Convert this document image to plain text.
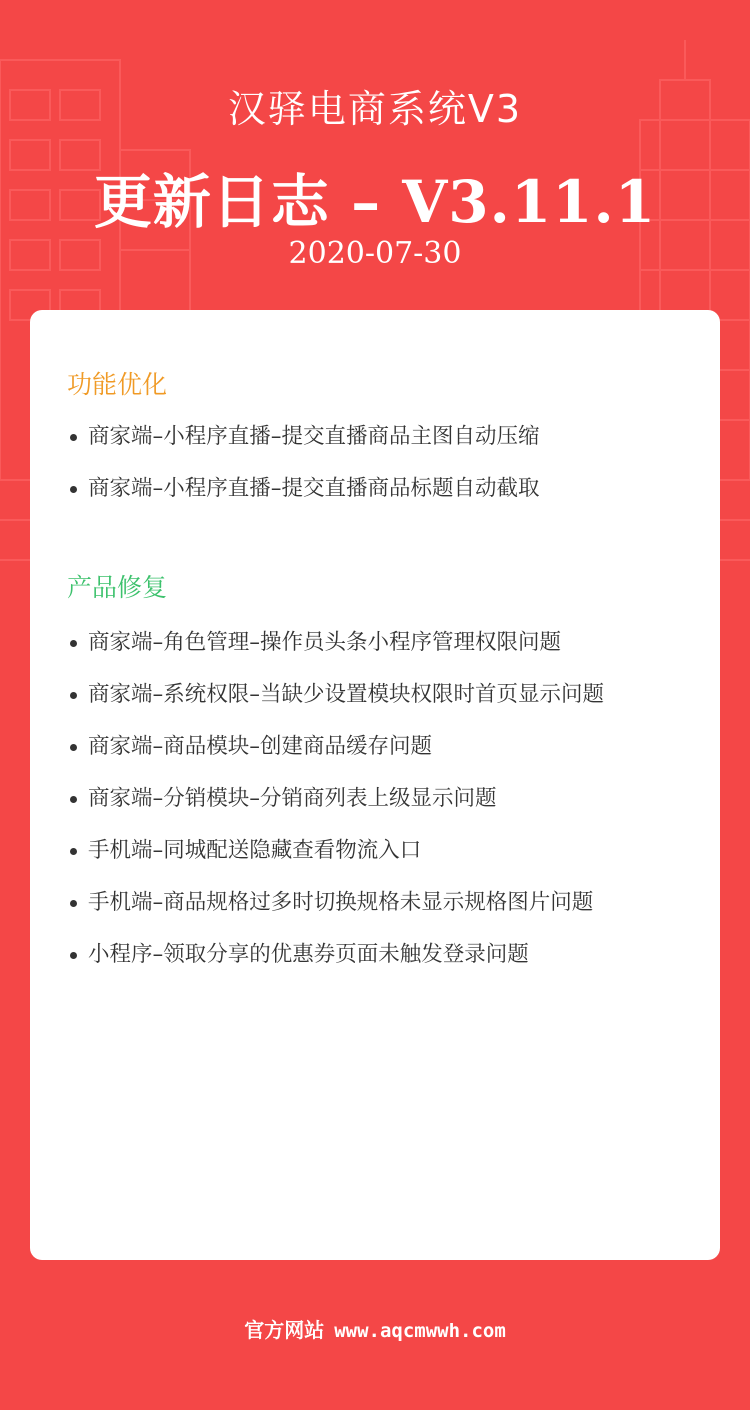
汉驿电商系统V3
更新日志 – V3.11.1
2020-07-30
功能优化
商家端–小程序直播–提交直播商品主图自动压缩
商家端–小程序直播–提交直播商品标题自动截取
产品修复
商家端–角色管理–操作员头条小程序管理权限问题
商家端–系统权限–当缺少设置模块权限时首页显示问题
商家端–商品模块–创建商品缓存问题
商家端–分销模块–分销商列表上级显示问题
手机端–同城配送隐藏查看物流入口
手机端–商品规格过多时切换规格未显示规格图片问题
小程序–领取分享的优惠券页面未触发登录问题
官方网站 www.aqcmwwh.com
